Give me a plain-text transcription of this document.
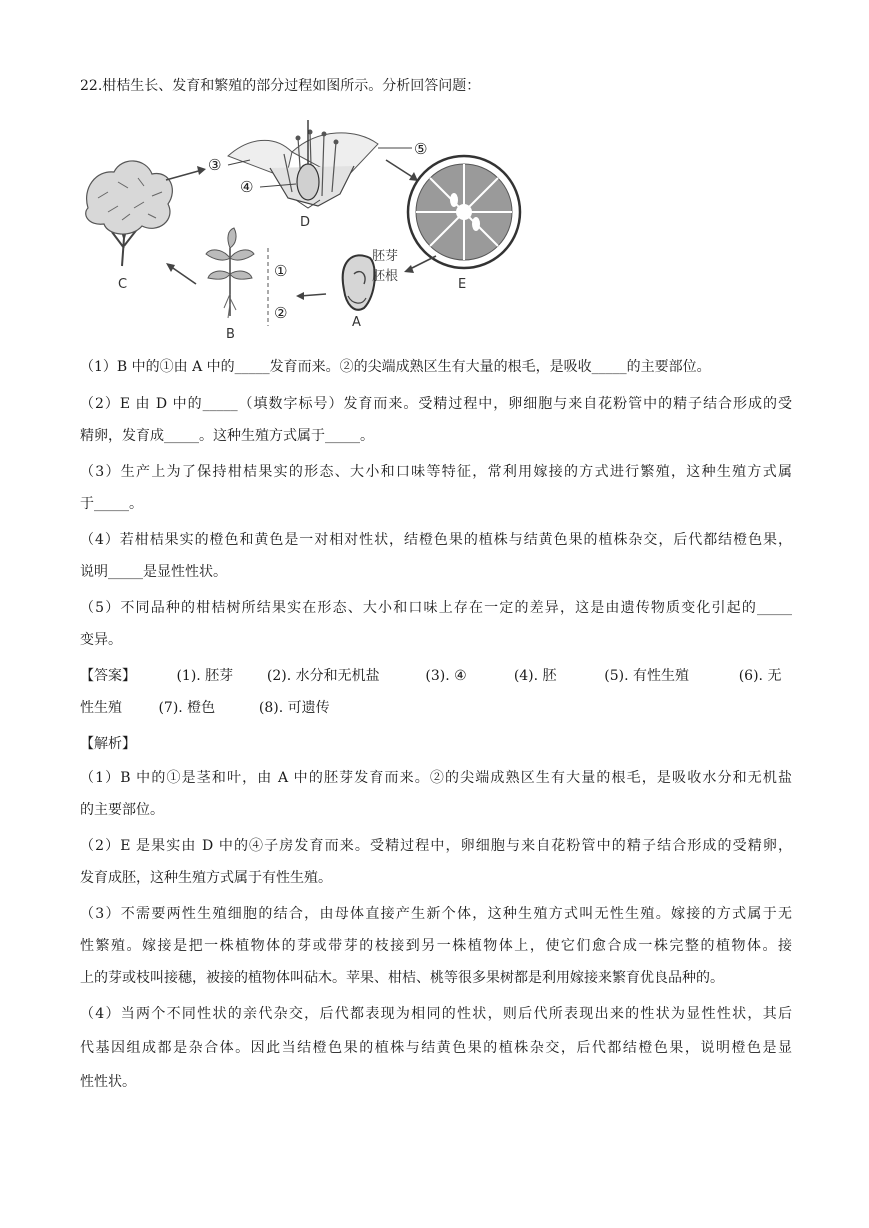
22.柑桔生长、发育和繁殖的部分过程如图所示。分析回答问题：
C
D
③
④
⑤
E
胚芽
胚根
A
①
②
B
（1）B 中的①由 A 中的_____发育而来。②的尖端成熟区生有大量的根毛，是吸收_____的主要部位。
（2）E 由 D 中的_____（填数字标号）发育而来。受精过程中，卵细胞与来自花粉管中的精子结合形成的受
精卵，发育成_____。这种生殖方式属于_____。
（3）生产上为了保持柑桔果实的形态、大小和口味等特征，常利用嫁接的方式进行繁殖，这种生殖方式属
于_____。
（4）若柑桔果实的橙色和黄色是一对相对性状，结橙色果的植株与结黄色果的植株杂交，后代都结橙色果，
说明_____是显性性状。
（5）不同品种的柑桔树所结果实在形态、大小和口味上存在一定的差异，这是由遗传物质变化引起的_____
变异。
【答案】	(1). 胚芽 (2). 水分和无机盐	(3). ④	(4). 胚	(5). 有性生殖	(6). 无
性生殖	(7). 橙色	(8). 可遗传
【解析】
（1）B 中的①是茎和叶，由 A 中的胚芽发育而来。②的尖端成熟区生有大量的根毛，是吸收水分和无机盐
的主要部位。
（2）E 是果实由 D 中的④子房发育而来。受精过程中，卵细胞与来自花粉管中的精子结合形成的受精卵，
发育成胚，这种生殖方式属于有性生殖。
（3）不需要两性生殖细胞的结合，由母体直接产生新个体，这种生殖方式叫无性生殖。嫁接的方式属于无
性繁殖。嫁接是把一株植物体的芽或带芽的枝接到另一株植物体上，使它们愈合成一株完整的植物体。接
上的芽或枝叫接穗，被接的植物体叫砧木。苹果、柑桔、桃等很多果树都是利用嫁接来繁育优良品种的。
（4）当两个不同性状的亲代杂交，后代都表现为相同的性状，则后代所表现出来的性状为显性性状，其后
代基因组成都是杂合体。因此当结橙色果的植株与结黄色果的植株杂交，后代都结橙色果，说明橙色是显
性性状。
